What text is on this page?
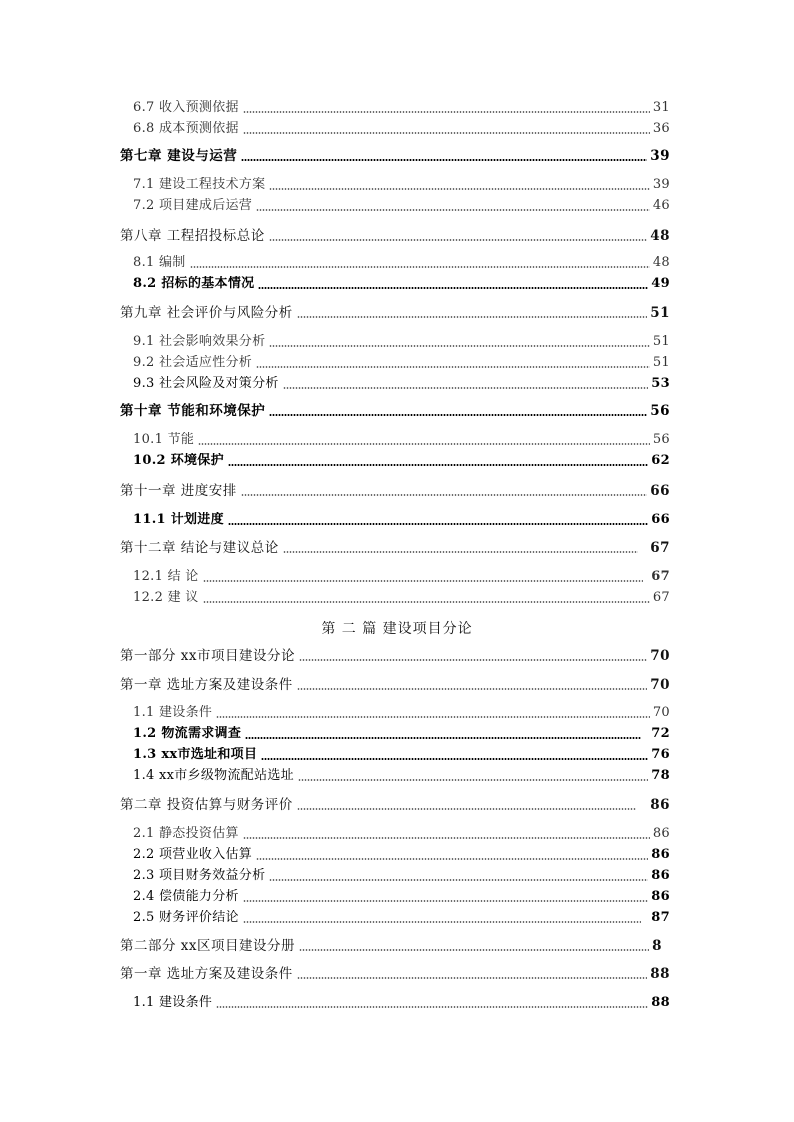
6.7 收入预测依据	31
6.8 成本预测依据	36
第七章 建设与运营	39
7.1 建设工程技术方案	39
7.2 项目建成后运营	46
第八章 工程招投标总论	48
8.1 编制	48
8.2 招标的基本情况	49
第九章 社会评价与风险分析	51
9.1 社会影响效果分析	51
9.2 社会适应性分析	51
9.3 社会风险及对策分析	53
第十章 节能和环境保护	56
10.1 节能	56
10.2 环境保护	62
第十一章 进度安排	66
11.1 计划进度	66
第十二章 结论与建议总论	67
12.1 结 论	67
12.2 建 议	67
第 二 篇 建设项目分论
第一部分 xx市项目建设分论	70
第一章 选址方案及建设条件	70
1.1 建设条件	70
1.2 物流需求调查	72
1.3 xx市选址和项目	76
1.4 xx市乡级物流配站选址	78
第二章 投资估算与财务评价	86
2.1 静态投资估算	86
2.2 项营业收入估算	86
2.3 项目财务效益分析	86
2.4 偿债能力分析	86
2.5 财务评价结论	87
第二部分 xx区项目建设分册	8
第一章 选址方案及建设条件	88
1.1 建设条件	88
